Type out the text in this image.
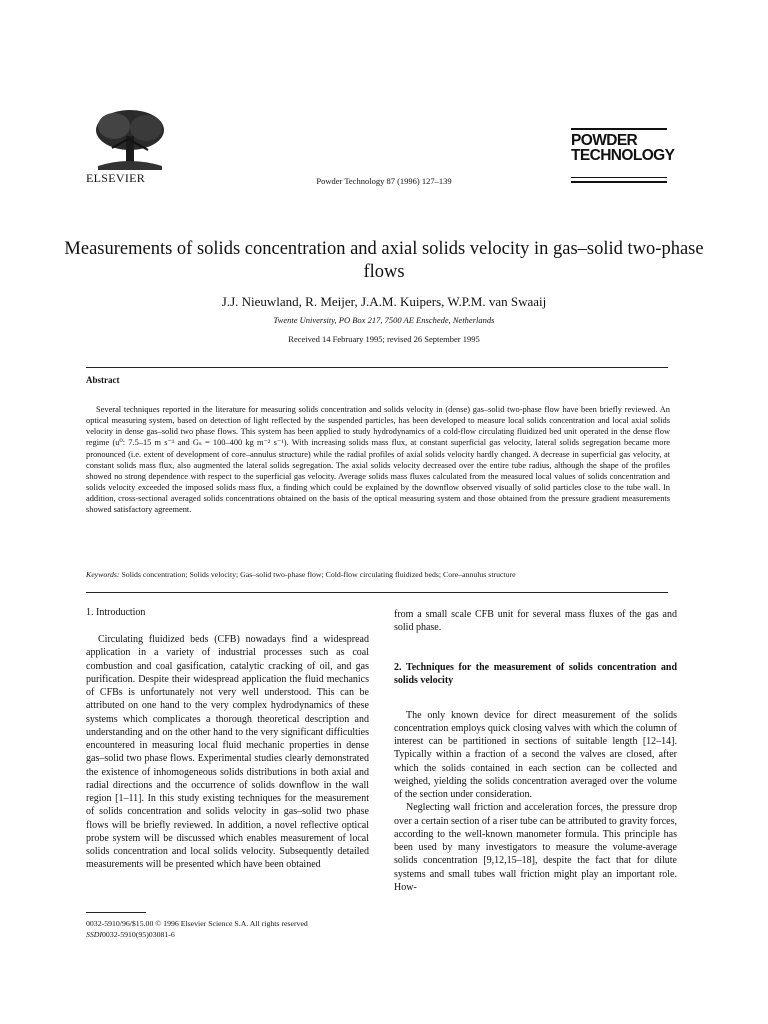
ELSEVIER	Powder Technology 87 (1996) 127–139
POWDER
TECHNOLOGY
Measurements of solids concentration and axial solids velocity in gas–solid two-phase flows
J.J. Nieuwland, R. Meijer, J.A.M. Kuipers, W.P.M. van Swaaij
Twente University, PO Box 217, 7500 AE Enschede, Netherlands
Received 14 February 1995; revised 26 September 1995
Abstract
Several techniques reported in the literature for measuring solids concentration and solids velocity in (dense) gas–solid two-phase flow have been briefly reviewed. An optical measuring system, based on detection of light reflected by the suspended particles, has been developed to measure local solids concentration and local axial solids velocity in dense gas–solid two phase flows. This system has been applied to study hydrodynamics of a cold-flow circulating fluidized bed unit operated in the dense flow regime (u⁰: 7.5–15 m s⁻¹ and Gₛ = 100–400 kg m⁻² s⁻¹). With increasing solids mass flux, at constant superficial gas velocity, lateral solids segregation became more pronounced (i.e. extent of development of core–annulus structure) while the radial profiles of axial solids velocity hardly changed. A decrease in superficial gas velocity, at constant solids mass flux, also augmented the lateral solids segregation. The axial solids velocity decreased over the entire tube radius, although the shape of the profiles showed no strong dependence with respect to the superficial gas velocity. Average solids mass fluxes calculated from the measured local values of solids concentration and solids velocity exceeded the imposed solids mass flux, a finding which could be explained by the downflow observed visually of solid particles close to the tube wall. In addition, cross-sectional averaged solids concentrations obtained on the basis of the optical measuring system and those obtained from the pressure gradient measurements showed satisfactory agreement.
Keywords: Solids concentration; Solids velocity; Gas–solid two-phase flow; Cold-flow circulating fluidized beds; Core–annulus structure
1. Introduction

Circulating fluidized beds (CFB) nowadays find a widespread application in a variety of industrial processes such as coal combustion and coal gasification, catalytic cracking of oil, and gas purification. Despite their widespread application the fluid mechanics of CFBs is unfortunately not very well understood. This can be attributed on one hand to the very complex hydrodynamics of these systems which complicates a thorough theoretical description and understanding and on the other hand to the very significant difficulties encountered in measuring local fluid mechanic properties in dense gas–solid two phase flows. Experimental studies clearly demonstrated the existence of inhomogeneous solids distributions in both axial and radial directions and the occurrence of solids downflow in the wall region [1–11]. In this study existing techniques for the measurement of solids concentration and solids velocity in gas–solid two phase flows will be briefly reviewed. In addition, a novel reflective optical probe system will be discussed which enables measurement of local solids concentration and local solids velocity. Subsequently detailed measurements will be presented which have been obtained

from a small scale CFB unit for several mass fluxes of the gas and solid phase.

2. Techniques for the measurement of solids concentration and solids velocity

The only known device for direct measurement of the solids concentration employs quick closing valves with which the column of interest can be partitioned in sections of suitable length [12–14]. Typically within a fraction of a second the valves are closed, after which the solids contained in each section can be collected and weighed, yielding the solids concentration averaged over the volume of the section under consideration.

Neglecting wall friction and acceleration forces, the pressure drop over a certain section of a riser tube can be attributed to gravity forces, according to the well-known manometer formula. This principle has been used by many investigators to measure the volume-average solids concentration [9,12,15–18], despite the fact that for dilute systems and small tubes wall friction might play an important role. How-

0032-5910/96/$15.00 © 1996 Elsevier Science S.A. All rights reserved
SSDI0032-5910(95)03081-6
